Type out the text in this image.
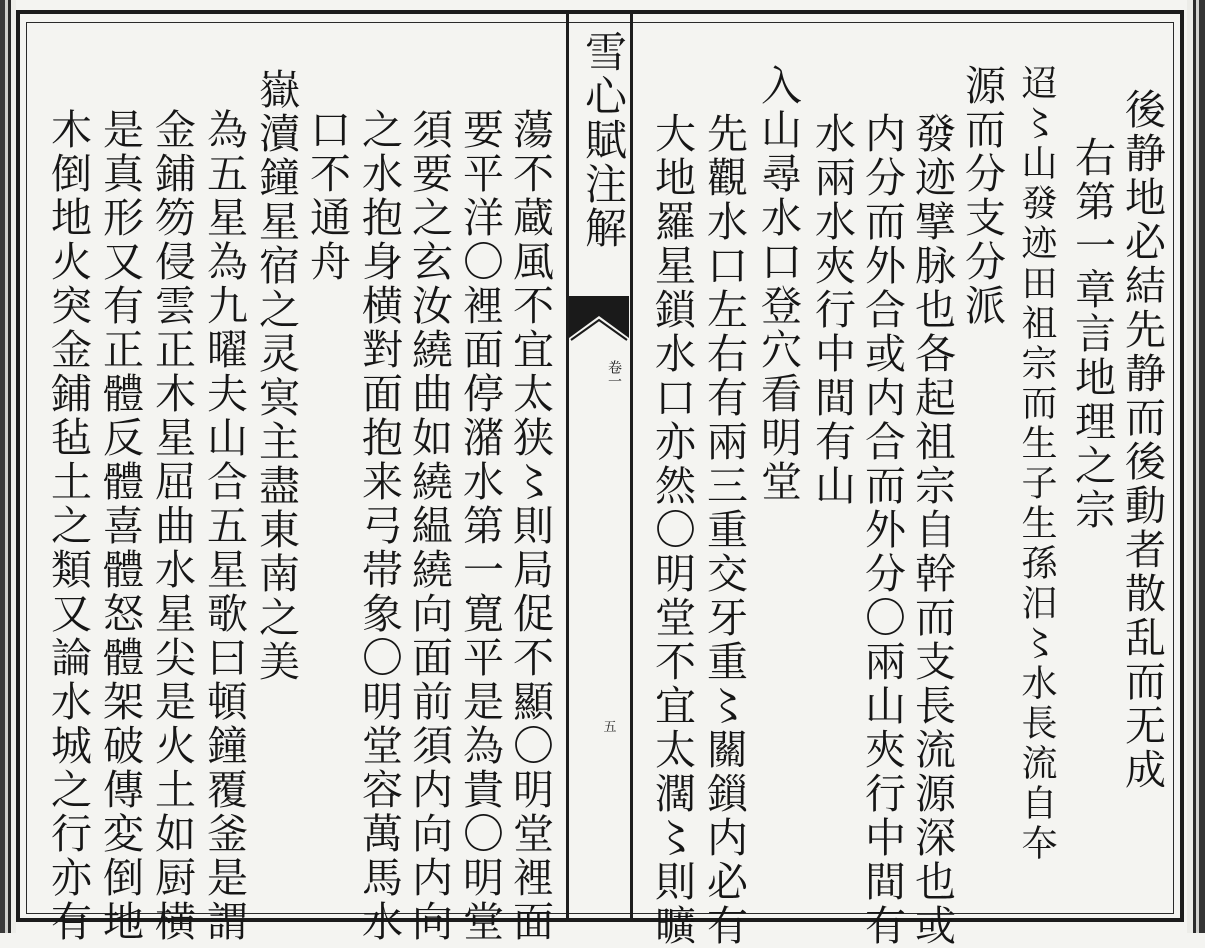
雪心賦注解
卷一
五	後静地必結先静而後動者散乱而无成
右第一章言地理之宗
迢〻山發迹田祖宗而生子生孫汨〻水長流自夲
源而分支分派
發迹擘脉也各起祖宗自幹而支長流源深也或
内分而外合或内合而外分〇兩山夾行中間有
水兩水夾行中間有山
入山尋水口登穴看明堂
先觀水口左右有兩三重交牙重〻關鎻内必有
大地羅星鎖水口亦然〇明堂不宜太濶〻則曠
蕩不蔵風不宜太狭〻則局促不顯〇明堂裡面
要平洋〇裡面停潴水第一寛平是為貴〇明堂
須要之玄汝繞曲如繞緼繞向面前須内向内向
之水抱身横對面抱来弓帯象〇明堂容萬馬水
口不通舟
嶽瀆鐘星宿之灵㝠主盡東南之美
為五星為九曜夫山合五星歌曰頓鐘覆釜是謂
金鋪笏侵雲正木星屈曲水星尖是火土如厨横
是真形又有正體反體喜體怒體架破傳変倒地
木倒地火突金鋪毡土之類又論水城之行亦有
